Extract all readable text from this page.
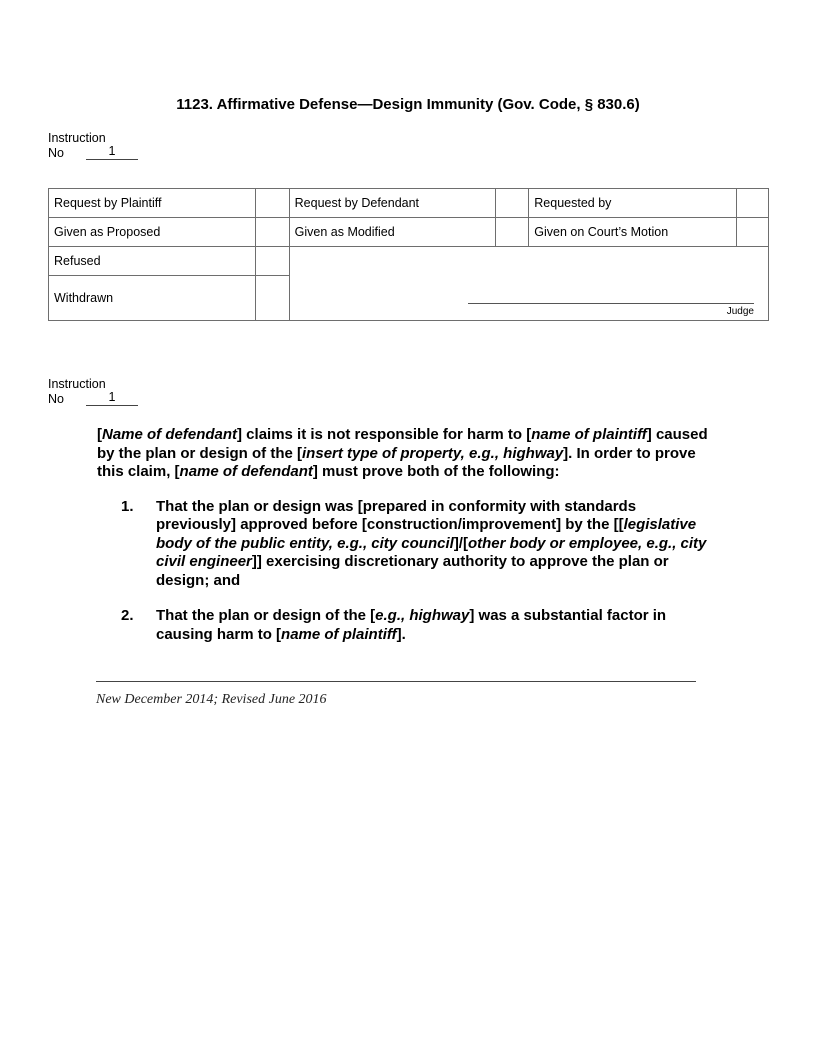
1123. Affirmative Defense—Design Immunity (Gov. Code, § 830.6)
Instruction
No	1
Request by Plaintiff		Request by Defendant		Requested by	
Given as Proposed		Given as Modified		Given on Court’s Motion	
Refused		Judge			

Withdrawn					
Instruction
No	1

[Name of defendant] claims it is not responsible for harm to [name of plaintiff] caused by the plan or design of the [insert type of property, e.g., highway]. In order to prove this claim, [name of defendant] must prove both of the following:

1.	That the plan or design was [prepared in conformity with standards previously] approved before [construction/improvement] by the [[legislative body of the public entity, e.g., city council]/[other body or employee, e.g., city civil engineer]] exercising discretionary authority to approve the plan or design; and
2.	That the plan or design of the [e.g., highway] was a substantial factor in causing harm to [name of plaintiff].
New December 2014; Revised June 2016
